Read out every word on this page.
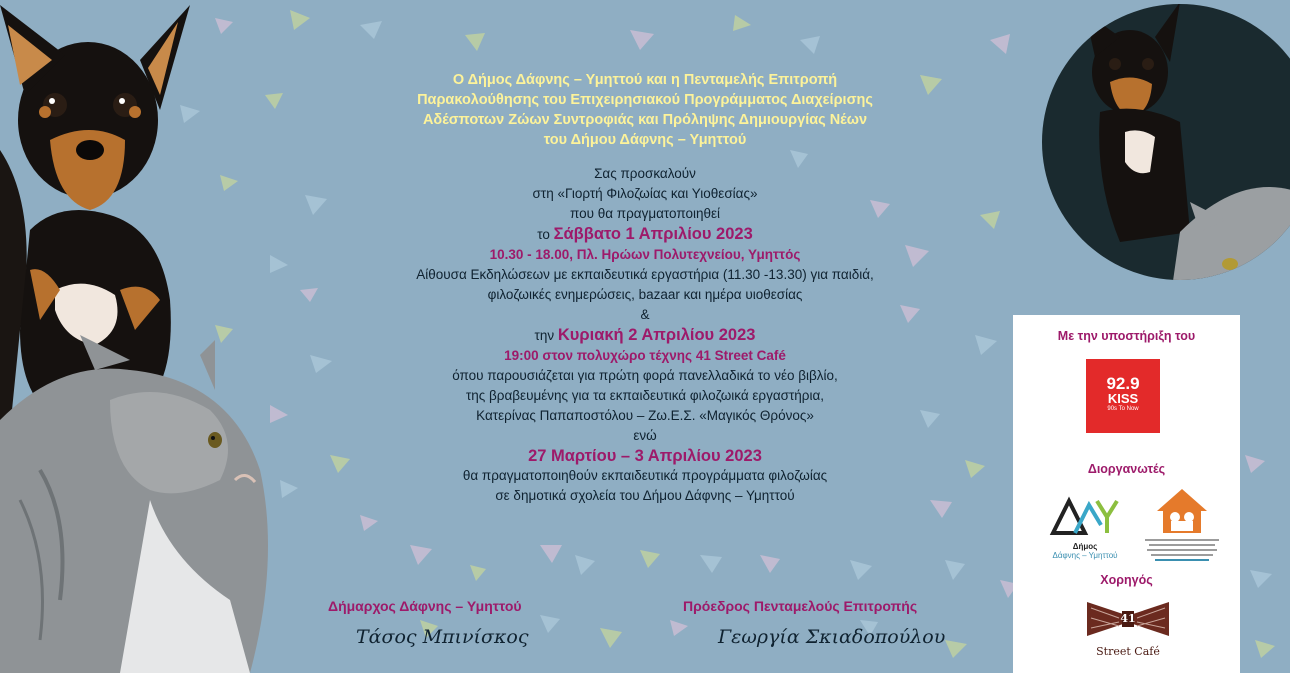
Ο Δήμος Δάφνης – Υμηττού και η Πενταμελής Επιτροπή
Παρακολούθησης του Επιχειρησιακού Προγράμματος Διαχείρισης
Αδέσποτων Ζώων Συντροφιάς και Πρόληψης Δημιουργίας Νέων
του Δήμου Δάφνης – Υμηττού
Σας προσκαλούν
στη «Γιορτή Φιλοζωίας και Υιοθεσίας»
που θα πραγματοποιηθεί
το Σάββατο 1 Απριλίου 2023
10.30 - 18.00, Πλ. Ηρώων Πολυτεχνείου, Υμηττός
Αίθουσα Εκδηλώσεων με εκπαιδευτικά εργαστήρια (11.30 -13.30) για παιδιά,
φιλοζωικές ενημερώσεις, bazaar και ημέρα υιοθεσίας
&
την Κυριακή 2 Απριλίου 2023
19:00 στον πολυχώρο τέχνης 41 Street Café
όπου παρουσιάζεται για πρώτη φορά πανελλαδικά το νέο βιβλίο,
της βραβευμένης για τα εκπαιδευτικά φιλοζωικά εργαστήρια,
Κατερίνας Παπαποστόλου – Ζω.Ε.Σ. «Μαγικός Θρόνος»
ενώ
27 Μαρτίου – 3 Απριλίου 2023
θα πραγματοποιηθούν εκπαιδευτικά προγράμματα φιλοζωίας
σε δημοτικά σχολεία του Δήμου Δάφνης – Υμηττού
Δήμαρχος Δάφνης – Υμηττού
Τάσος Μπινίσκος
Πρόεδρος Πενταμελούς Επιτροπής
Γεωργία Σκιαδοπούλου
Με την υποστήριξη του
92.9
KISS
90s To Now
Διοργανωτές
Δήμος
Δάφνης – Υμηττού
Χορηγός
41
Street Café
